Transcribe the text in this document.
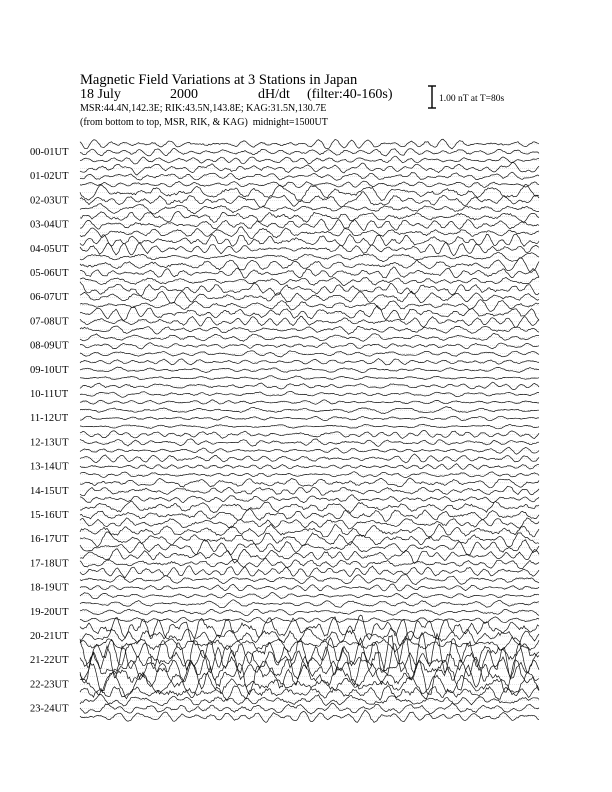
Magnetic Field Variations at 3 Stations in Japan

18 July

	2000

	dH/dt

(filter:40-160s)

MSR:44.4N,142.3E; RIK:43.5N,143.8E; KAG:31.5N,130.7E
(from bottom to top, MSR, RIK, & KAG) midnight=1500UT
1.00 nT at T=80s
00-01UT
01-02UT
02-03UT
03-04UT
04-05UT
05-06UT
06-07UT
07-08UT
08-09UT
09-10UT
10-11UT
11-12UT
12-13UT
13-14UT
14-15UT
15-16UT
16-17UT
17-18UT
18-19UT
19-20UT
20-21UT
21-22UT
22-23UT
23-24UT
